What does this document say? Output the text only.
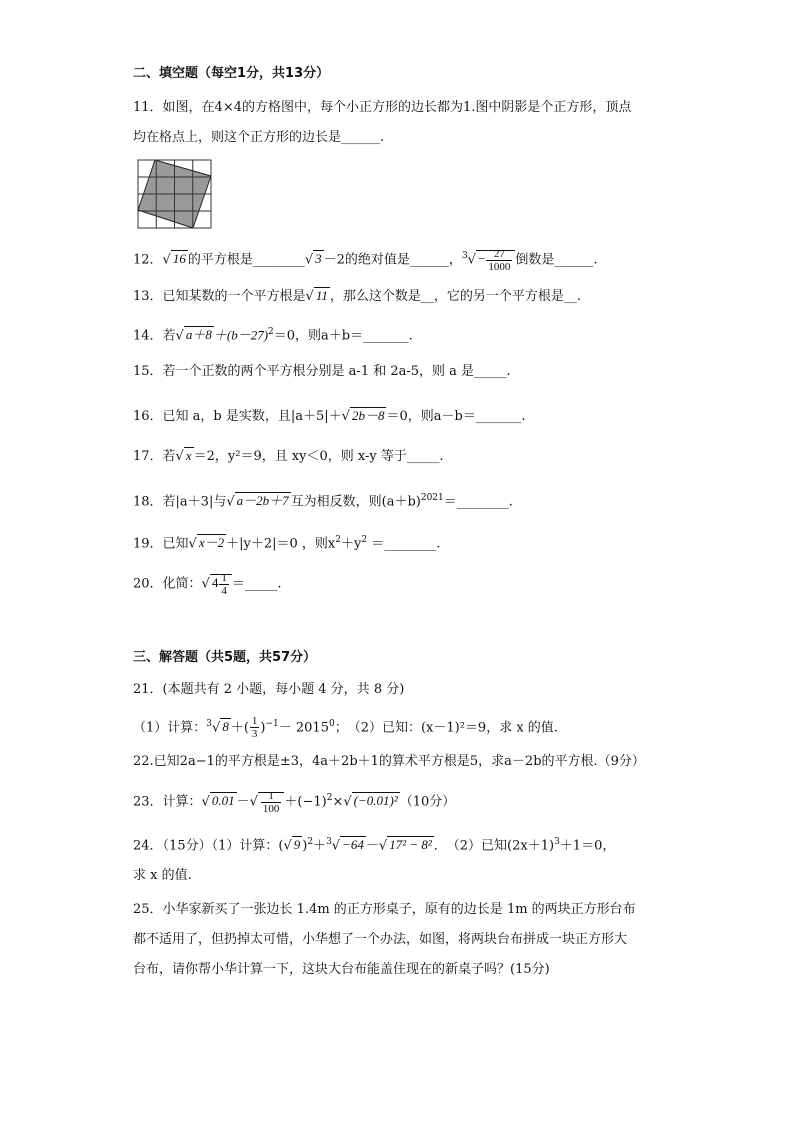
二、填空题（每空1分，共13分）
11．如图，在4×4的方格图中，每个小正方形的边长都为1.图中阴影是个正方形，顶点
均在格点上，则这个正方形的边长是______.
12．√ 16 的平方根是________√ 3 －2的绝对值是______，$^3√ - \frac{27}{1000}$ 倒数是______.
13．已知某数的一个平方根是√ 11 ，那么这个数是__，它的另一个平方根是__.
14．若√ $a+8 +(b-27)^2=0$，则a＋b＝_______.
15．若一个正数的两个平方根分别是 a-1 和 2a-5，则 a 是_____.
16．已知 a，b 是实数，且|a＋5|＋√ 2b－8 ＝0，则a－b＝_______.
17．若√ x ＝2，y²＝9，且 xy＜0，则 x-y 等于_____.
18．若|a＋3|与√ a－2b＋7 互为相反数，则$(a+b)^{2021}=\_\_\_\_\_\_\_\_$.
19．已知√ x－2 ＋|y＋2|＝0 ，则$x^2+y^2$ ＝________.
20．化简：√ $4 \frac{1}{4}$ ＝_____.
三、解答题（共5题，共57分）
21．(本题共有 2 小题，每小题 4 分，共 8 分)
（1）计算：$^3$√ 8 ＋( $\frac{1}{3} )^{-1}- 2015^0$；　（2）已知：(x－1)²＝9，求 x 的值.
22.已知2a−1的平方根是±3，4a＋2b＋1的算术平方根是5，求a－2b的平方根.（9分）
23．计算：√ 0.01 －√ $\frac{1}{100} +(-1)^2\times√$ (−0.01)² （10分）
24．（15分）（1）计算：(√ 9 )$^2$＋$^3$√ −64 －√ 17² − 8² ．　（2）已知$(2x+1)^3+1=0$，
求 x 的值.
25．小华家新买了一张边长 1.4m 的正方形桌子，原有的边长是 1m 的两块正方形台布
都不适用了，但扔掉太可惜，小华想了一个办法，如图，将两块台布拼成一块正方形大
台布，请你帮小华计算一下，这块大台布能盖住现在的新桌子吗？(15分)
